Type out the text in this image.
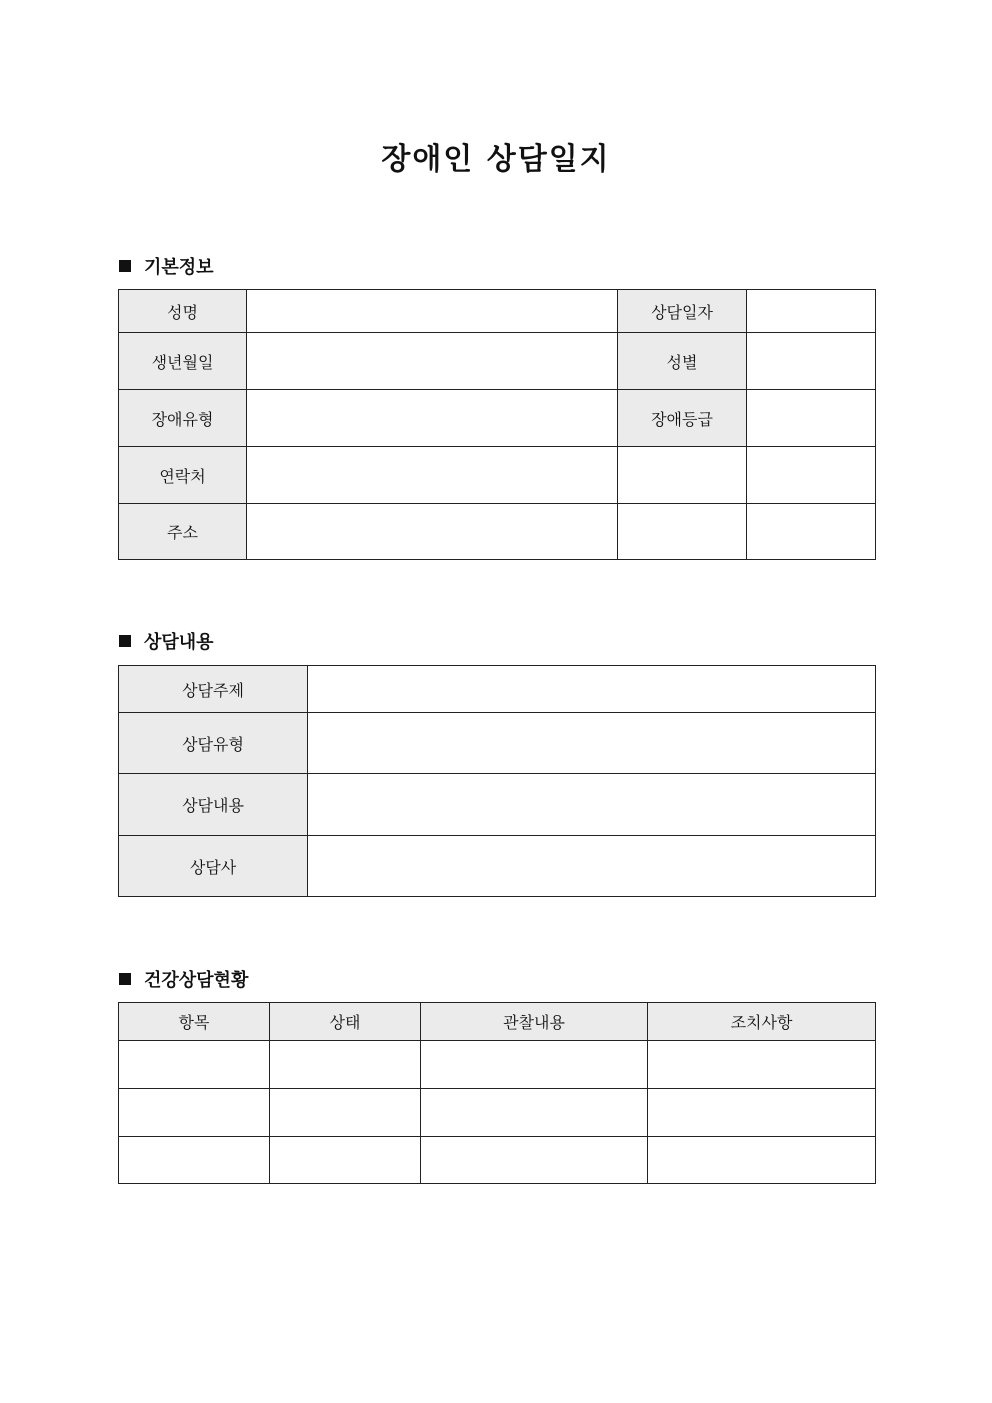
장애인 상담일지
기본정보
성명		상담일자	
생년월일		성별	
장애유형		장애등급	
연락처			
주소			
상담내용
상담주제	
상담유형	
상담내용	
상담사	
건강상담현황
항목	상태	관찰내용	조치사항
